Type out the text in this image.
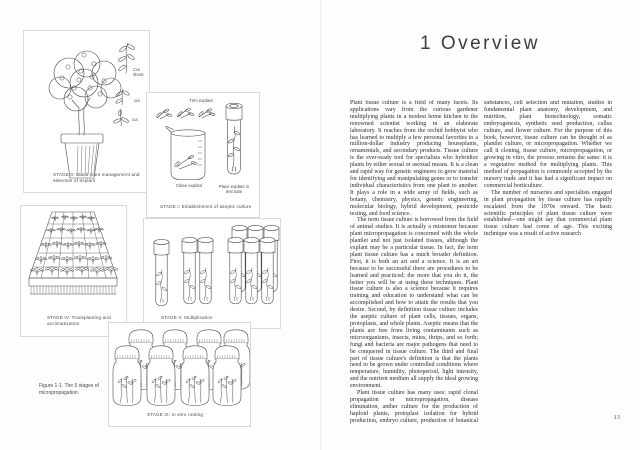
Cut shoot
cut
cut
STAGE 0: Stock plant management and selection of explant
Trim explant
Clean explant	Place explant in test tube
STAGE I: Establishment of aseptic culture
STAGE IV: Transplanting and acclimatization
STAGE II: Multiplication
STAGE III: In vitro rooting
Figure 1-1. The 5 stages of micropropagation.
1 Overview

Plant tissue culture is a field of many facets. Its applications vary from the curious gardener multiplying plants in a modest home kitchen to the renowned scientist working in an elaborate laboratory. It reaches from the orchid hobbyist who has learned to multiply a few personal favorites to a million-dollar industry producing houseplants, ornamentals, and secondary products. Tissue culture is the ever-ready tool for specialists who hybridize plants by either sexual or asexual means. It is a clean and rapid way for genetic engineers to grow material for identifying and manipulating genes or to transfer individual characteristics from one plant to another. It plays a role in a wide array of fields, such as botany, chemistry, physics, genetic engineering, molecular biology, hybrid development, pesticide testing, and food science.

The term tissue culture is borrowed from the field of animal studies. It is actually a misnomer because plant micropropagation is concerned with the whole plantlet and not just isolated tissues, although the explant may be a particular tissue. In fact, the term plant tissue culture has a much broader definition. First, it is both an art and a science. It is an art because to be successful there are procedures to be learned and practiced; the more that you do it, the better you will be at using these techniques. Plant tissue culture is also a science because it requires training and education to understand what can be accomplished and how to attain the results that you desire. Second, by definition tissue culture includes the aseptic culture of plant cells, tissues, organs, protoplasts, and whole plants. Aseptic means that the plants are free from living contaminants such as microorganisms, insects, mites, thrips, and so forth; fungi and bacteria are major pathogens that need to be conquered in tissue culture. The third and final part of tissue culture's definition is that the plants need to be grown under controlled conditions where temperature, humidity, photoperiod, light intensity, and the nutrient medium all supply the ideal growing environment.

Plant tissue culture has many uses: rapid clonal propagation or micropropagation, disease elimination, anther culture for the production of haploid plants, protoplast isolation for hybrid production, embryo culture, production of botanical substances, cell selection and mutation, studies in fundamental plant anatomy, development, and nutrition, plant biotechnology, somatic embryogenesis, synthetic seed production, callus culture, and flower culture. For the purpose of this book, however, tissue culture can be thought of as plantlet culture, or micropropagation. Whether we call it cloning, tissue culture, micropropagation, or growing in vitro, the process remains the same: it is a vegetative method for multiplying plants. This method of propagation is commonly accepted by the nursery trade and it has had a significant impact on commercial horticulture.

The number of nurseries and specialists engaged in plant propagation by tissue culture has rapidly escalated from the 1970s onward. The basic scientific principles of plant tissue culture were established—one might say that commercial plant tissue culture had come of age. This exciting technique was a result of active research

13
